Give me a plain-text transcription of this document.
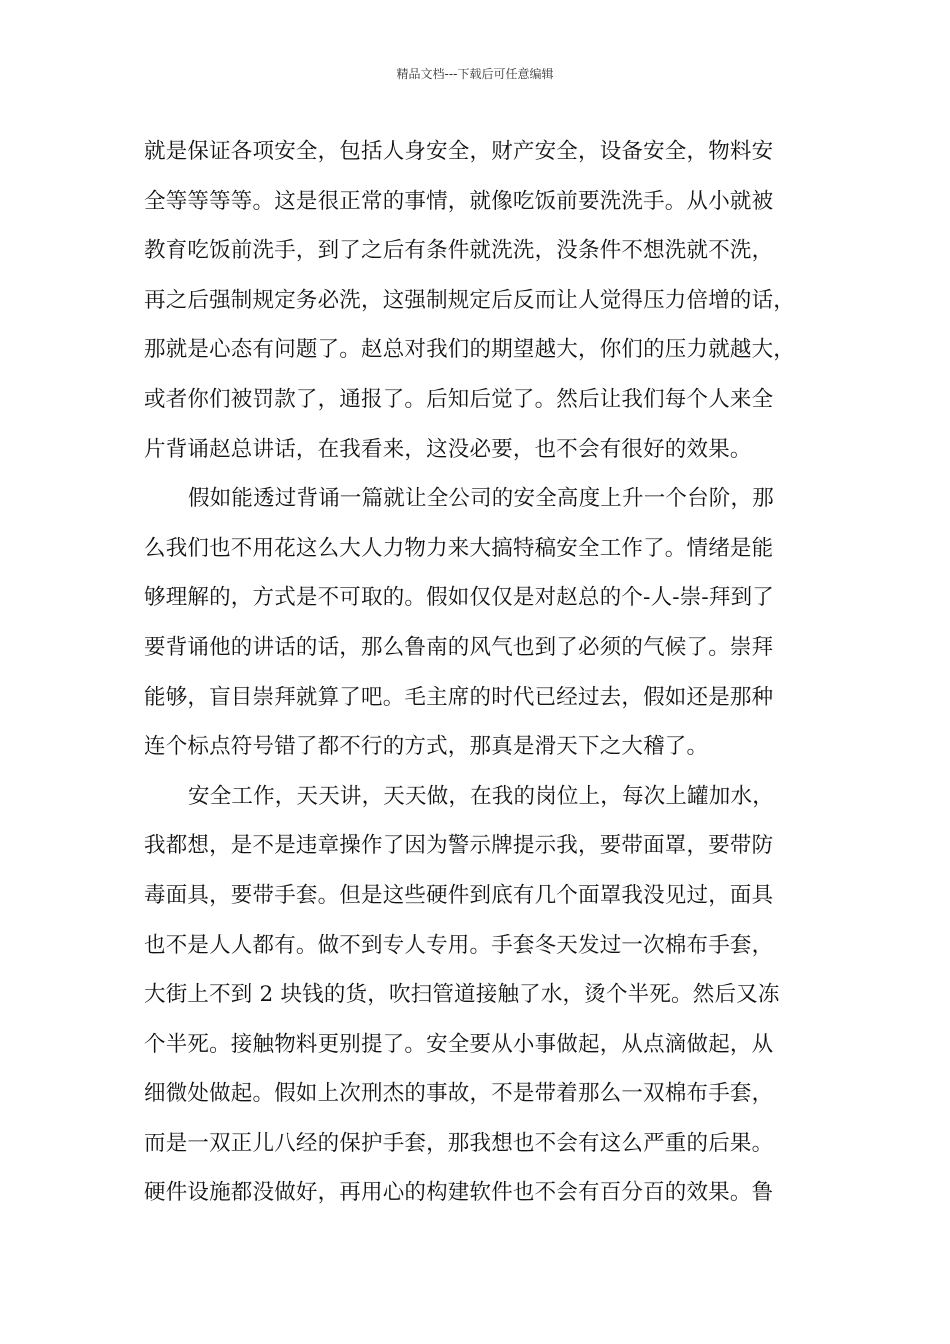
精品文档---下载后可任意编辑
就是保证各项安全，包括人身安全，财产安全，设备安全，物料安
全等等等等。这是很正常的事情，就像吃饭前要洗洗手。从小就被
教育吃饭前洗手，到了之后有条件就洗洗，没条件不想洗就不洗，
再之后强制规定务必洗，这强制规定后反而让人觉得压力倍增的话，
那就是心态有问题了。赵总对我们的期望越大，你们的压力就越大，
或者你们被罚款了，通报了。后知后觉了。然后让我们每个人来全
片背诵赵总讲话，在我看来，这没必要，也不会有很好的效果。
假如能透过背诵一篇就让全公司的安全高度上升一个台阶，那
么我们也不用花这么大人力物力来大搞特稿安全工作了。情绪是能
够理解的，方式是不可取的。假如仅仅是对赵总的个-人-崇-拜到了
要背诵他的讲话的话，那么鲁南的风气也到了必须的气候了。崇拜
能够，盲目崇拜就算了吧。毛主席的时代已经过去，假如还是那种
连个标点符号错了都不行的方式，那真是滑天下之大稽了。
安全工作，天天讲，天天做，在我的岗位上，每次上罐加水，
我都想，是不是违章操作了因为警示牌提示我，要带面罩，要带防
毒面具，要带手套。但是这些硬件到底有几个面罩我没见过，面具
也不是人人都有。做不到专人专用。手套冬天发过一次棉布手套，
大街上不到 2 块钱的货，吹扫管道接触了水，烫个半死。然后又冻
个半死。接触物料更别提了。安全要从小事做起，从点滴做起，从
细微处做起。假如上次刑杰的事故，不是带着那么一双棉布手套，
而是一双正儿八经的保护手套，那我想也不会有这么严重的后果。
硬件设施都没做好，再用心的构建软件也不会有百分百的效果。鲁
